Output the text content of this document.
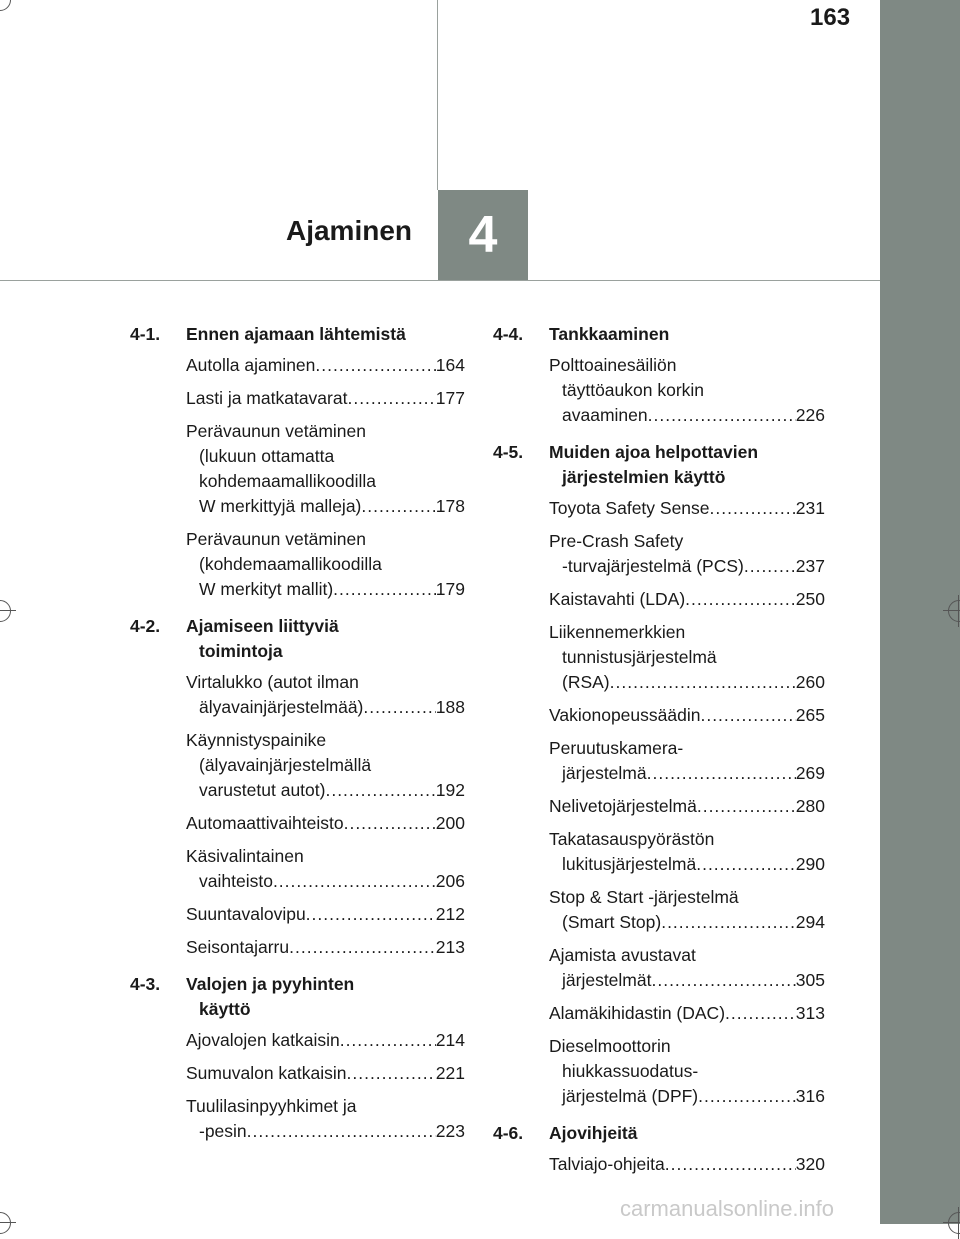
163
4
Ajaminen
4-1.	Ennen ajamaan lähtemistä
Autolla ajaminen .....	164
Lasti ja matkatavarat .....	177
Perävaunun vetäminen
(lukuun ottamatta
kohdemaamallikoodilla
W merkittyjä malleja) .....	178
Perävaunun vetäminen
(kohdemaamallikoodilla
W merkityt mallit) .....	179
4-2.	Ajamiseen liittyviä
toimintoja
Virtalukko (autot ilman
älyavainjärjestelmää) .....	188
Käynnistyspainike
(älyavainjärjestelmällä
varustetut autot) .....	192
Automaattivaihteisto .....	200
Käsivalintainen
vaihteisto .....	206
Suuntavalovipu .....	212
Seisontajarru .....	213
4-3.	Valojen ja pyyhinten
käyttö
Ajovalojen katkaisin .....	214
Sumuvalon katkaisin .....	221
Tuulilasinpyyhkimet ja
-pesin .....	223
4-4.	Tankkaaminen
Polttoainesäiliön
täyttöaukon korkin
avaaminen .....	226
4-5.	Muiden ajoa helpottavien
järjestelmien käyttö
Toyota Safety Sense .....	231
Pre-Crash Safety
-turvajärjestelmä (PCS) .....	237
Kaistavahti (LDA) .....	250
Liikennemerkkien
tunnistusjärjestelmä
(RSA) .....	260
Vakionopeussäädin .....	265
Peruutuskamera-
järjestelmä .....	269
Nelivetojärjestelmä .....	280
Takatasauspyörästön
lukitusjärjestelmä .....	290
Stop & Start -järjestelmä
(Smart Stop) .....	294
Ajamista avustavat
järjestelmät .....	305
Alamäkihidastin (DAC) .....	313
Dieselmoottorin
hiukkassuodatus-
järjestelmä (DPF) .....	316
4-6.	Ajovihjeitä
Talviajo-ohjeita .....	320
carmanualsonline.info
